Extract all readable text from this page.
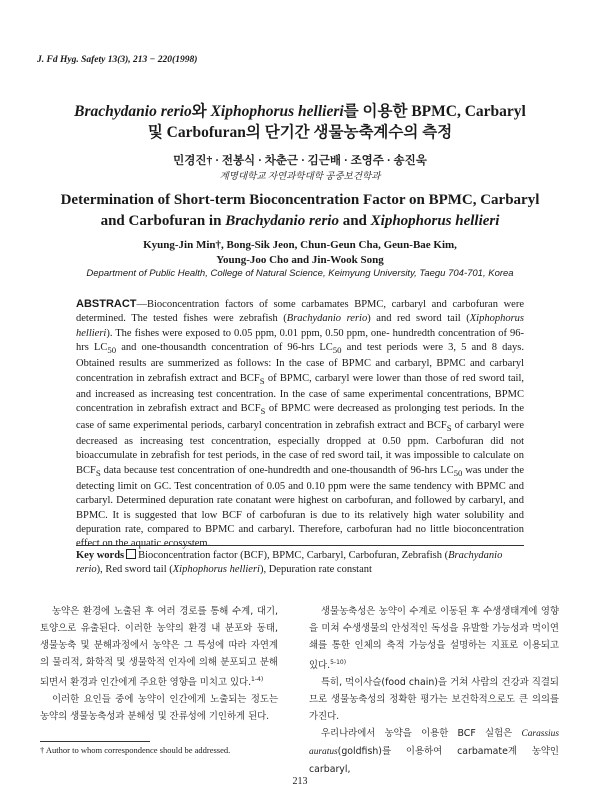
J. Fd Hyg. Safety 13(3), 213 − 220(1998)
Brachydanio rerio와 Xiphophorus hellieri를 이용한 BPMC, Carbaryl
및 Carbofuran의 단기간 생물농축계수의 측정
민경진† · 전봉식 · 차춘근 · 김근배 · 조영주 · 송진욱
계명대학교 자연과학대학 공중보건학과
Determination of Short-term Bioconcentration Factor on BPMC, Carbaryl
and Carbofuran in Brachydanio rerio and Xiphophorus hellieri
Kyung-Jin Min†, Bong-Sik Jeon, Chun-Geun Cha, Geun-Bae Kim,
Young-Joo Cho and Jin-Wook Song
Department of Public Health, College of Natural Science, Keimyung University, Taegu 704-701, Korea
ABSTRACT—Bioconcentration factors of some carbamates BPMC, carbaryl and carbofuran were determined. The tested fishes were zebrafish (Brachydanio rerio) and red sword tail (Xiphophorus hellieri). The fishes were exposed to 0.05 ppm, 0.01 ppm, 0.50 ppm, one- hundredth concentration of 96-hrs $LC_{50}$ and one-thousandth concentration of 96-hrs $LC_{50}$ and test periods were 3, 5 and 8 days. Obtained results are summerized as follows: In the case of BPMC and carbaryl, BPMC and carbaryl concentration in zebrafish extract and $BCF_S$ of BPMC, carbaryl were lower than those of red sword tail, and increased as increasing test concentration. In the case of same experimental concentrations, BPMC concentration in zebrafish extract and $BCF_S$ of BPMC were decreased as prolonging test periods. In the case of same experimental periods, carbaryl concentration in zebrafish extract and $BCF_S$ of carbaryl were decreased as increasing test concentration, especially dropped at 0.50 ppm. Carbofuran did not bioaccumulate in zebrafish for test periods, in the case of red sword tail, it was impossible to calculate on $BCF_S$ data because test concentration of one-hundredth and one-thousandth of 96-hrs $LC_{50}$ was under the detecting limit on GC. Test concentration of 0.05 and 0.10 ppm were the same tendency with BPMC and carbaryl. Determined depuration rate conatant were highest on carbofuran, and followed by carbaryl, and BPMC. It is suggested that low BCF of carbofuran is due to its relatively high water solubility and depuration rate, compared to BPMC and carbaryl. Therefore, carbofuran had no little bioconcentration effect on the aquatic ecosystem.
Key words Bioconcentration factor (BCF), BPMC, Carbaryl, Carbofuran, Zebrafish (Brachydanio rerio), Red sword tail (Xiphophorus hellieri), Depuration rate constant

농약은 환경에 노출된 후 여러 경로를 통해 수계, 대기, 토양으로 유출된다. 이러한 농약의 환경 내 분포와 동태, 생물농축 및 분해과정에서 농약은 그 특성에 따라 자연계의 물리적, 화학적 및 생물학적 인자에 의해 분포되고 분해되면서 환경과 인간에게 주요한 영향을 미치고 있다.$^{1-4)}$

이러한 요인들 중에 농약이 인간에게 노출되는 정도는 농약의 생물농축성과 분해성 및 잔류성에 기인하게 된다.

생물농축성은 농약이 수계로 이동된 후 수생생태계에 영향을 미쳐 수생생물의 안성적인 독성을 유발할 가능성과 먹이연쇄를 통한 인체의 축적 가능성을 설명하는 지표로 이용되고 있다.$^{5-10)}$

특히, 먹이사슬(food chain)을 거쳐 사람의 건강과 직결되므로 생물농축성의 정확한 평가는 보건학적으로도 큰 의의를 가진다.

우리나라에서 농약을 이용한 BCF 실험은 Carassius auratus(goldfish)를 이용하여 carbamate계 농약인 carbaryl,

† Author to whom correspondence should be addressed.
213
